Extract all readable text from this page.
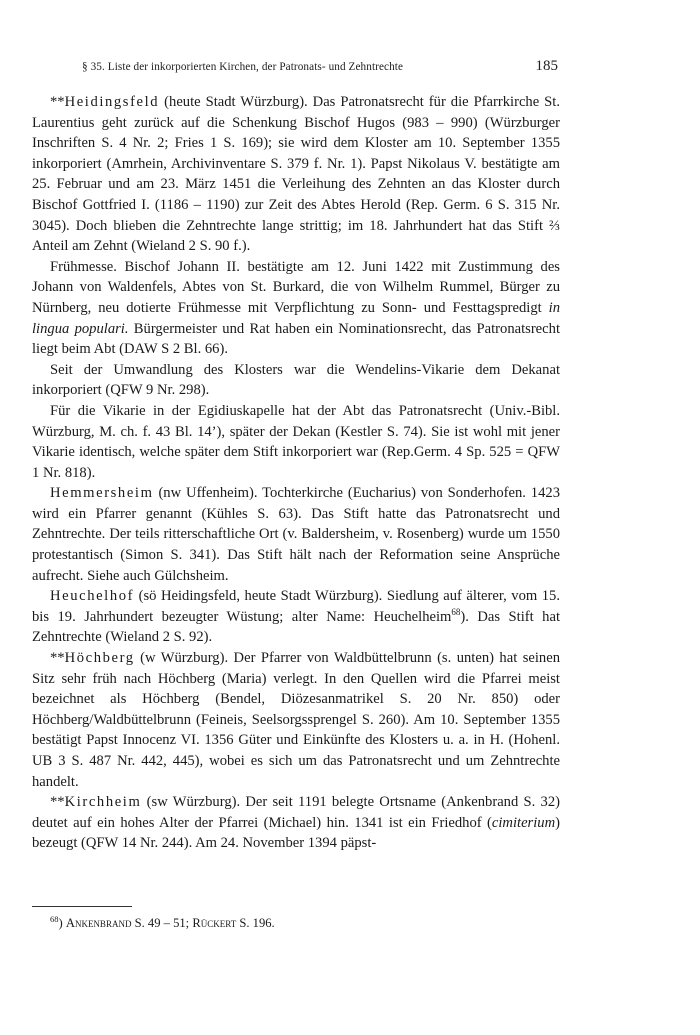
§ 35. Liste der inkorporierten Kirchen, der Patronats- und Zehntrechte	185

**Heidingsfeld (heute Stadt Würzburg). Das Patronatsrecht für die Pfarrkirche St. Laurentius geht zurück auf die Schenkung Bischof Hugos (983 – 990) (Würzburger Inschriften S. 4 Nr. 2; Fries 1 S. 169); sie wird dem Kloster am 10. September 1355 inkorporiert (Amrhein, Archivinventare S. 379 f. Nr. 1). Papst Nikolaus V. bestätigte am 25. Februar und am 23. März 1451 die Verleihung des Zehnten an das Kloster durch Bischof Gottfried I. (1186 – 1190) zur Zeit des Abtes Herold (Rep. Germ. 6 S. 315 Nr. 3045). Doch blieben die Zehntrechte lange strittig; im 18. Jahrhundert hat das Stift ⅔ Anteil am Zehnt (Wieland 2 S. 90 f.).

Frühmesse. Bischof Johann II. bestätigte am 12. Juni 1422 mit Zustimmung des Johann von Waldenfels, Abtes von St. Burkard, die von Wilhelm Rummel, Bürger zu Nürnberg, neu dotierte Frühmesse mit Verpflichtung zu Sonn- und Festtagspredigt in lingua populari. Bürgermeister und Rat haben ein Nominationsrecht, das Patronatsrecht liegt beim Abt (DAW S 2 Bl. 66).

Seit der Umwandlung des Klosters war die Wendelins-Vikarie dem Dekanat inkorporiert (QFW 9 Nr. 298).

Für die Vikarie in der Egidiuskapelle hat der Abt das Patronatsrecht (Univ.-Bibl. Würzburg, M. ch. f. 43 Bl. 14’), später der Dekan (Kestler S. 74). Sie ist wohl mit jener Vikarie identisch, welche später dem Stift inkorporiert war (Rep.Germ. 4 Sp. 525 = QFW 1 Nr. 818).

Hemmersheim (nw Uffenheim). Tochterkirche (Eucharius) von Sonderhofen. 1423 wird ein Pfarrer genannt (Kühles S. 63). Das Stift hatte das Patronatsrecht und Zehntrechte. Der teils ritterschaftliche Ort (v. Baldersheim, v. Rosenberg) wurde um 1550 protestantisch (Simon S. 341). Das Stift hält nach der Reformation seine Ansprüche aufrecht. Siehe auch Gülchsheim.

Heuchelhof (sö Heidingsfeld, heute Stadt Würzburg). Siedlung auf älterer, vom 15. bis 19. Jahrhundert bezeugter Wüstung; alter Name: Heuchelheim$^{68}$). Das Stift hat Zehntrechte (Wieland 2 S. 92).

**Höchberg (w Würzburg). Der Pfarrer von Waldbüttelbrunn (s. unten) hat seinen Sitz sehr früh nach Höchberg (Maria) verlegt. In den Quellen wird die Pfarrei meist bezeichnet als Höchberg (Bendel, Diözesanmatrikel S. 20 Nr. 850) oder Höchberg/Waldbüttelbrunn (Feineis, Seelsorgssprengel S. 260). Am 10. September 1355 bestätigt Papst Innocenz VI. 1356 Güter und Einkünfte des Klosters u. a. in H. (Hohenl. UB 3 S. 487 Nr. 442, 445), wobei es sich um das Patronatsrecht und um Zehntrechte handelt.

**Kirchheim (sw Würzburg). Der seit 1191 belegte Ortsname (Ankenbrand S. 32) deutet auf ein hohes Alter der Pfarrei (Michael) hin. 1341 ist ein Friedhof (cimiterium) bezeugt (QFW 14 Nr. 244). Am 24. November 1394 päpst-

$^{68}$) Ankenbrand S. 49 – 51; Rückert S. 196.
